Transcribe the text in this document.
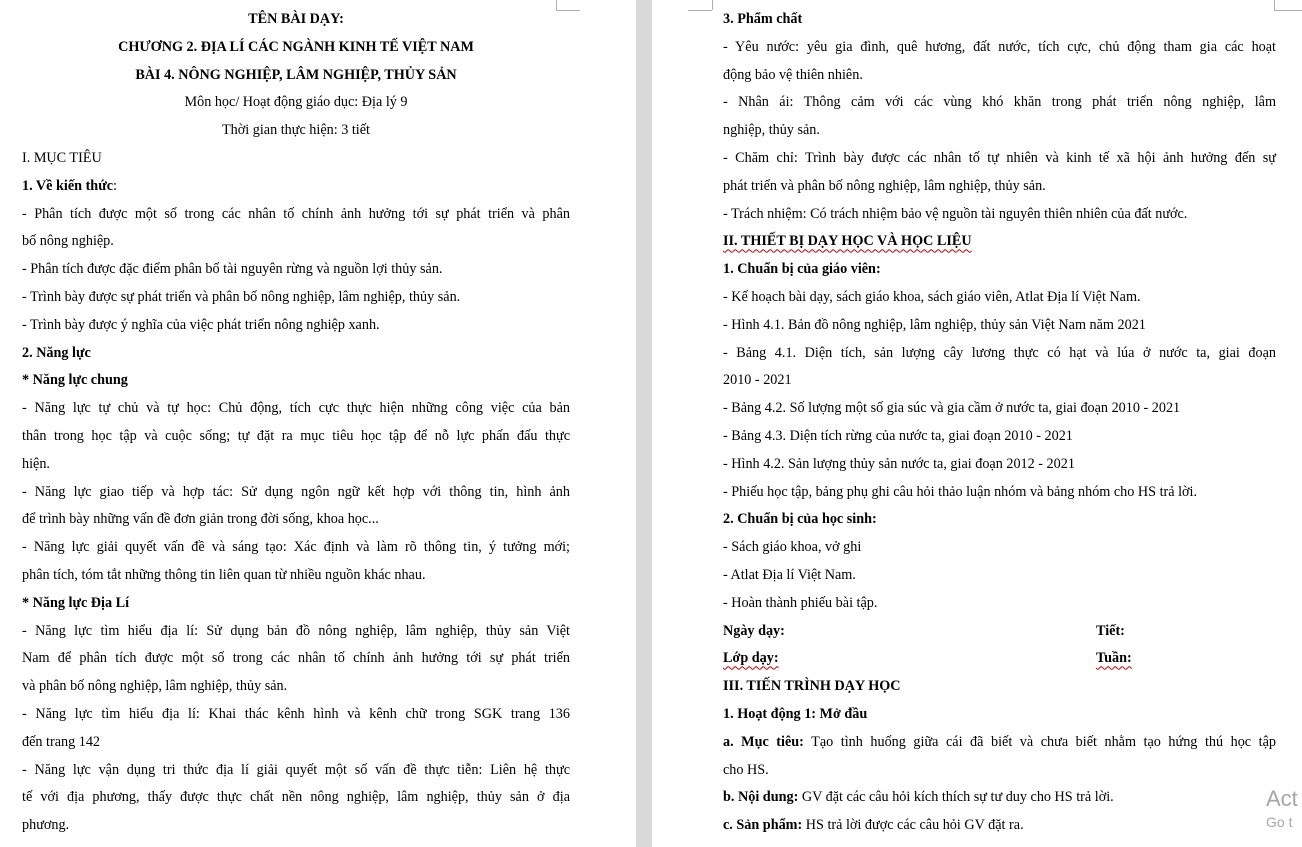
TÊN BÀI DẠY:
CHƯƠNG 2. ĐỊA LÍ CÁC NGÀNH KINH TẾ VIỆT NAM
BÀI 4. NÔNG NGHIỆP, LÂM NGHIỆP, THỦY SẢN
Môn học/ Hoạt động giáo dục: Địa lý 9
Thời gian thực hiện: 3 tiết
I. MỤC TIÊU
1. Về kiến thức:
- Phân tích được một số trong các nhân tố chính ảnh hưởng tới sự phát triển và phân
bố nông nghiệp.
- Phân tích được đặc điểm phân bố tài nguyên rừng và nguồn lợi thủy sản.
- Trình bày được sự phát triển và phân bố nông nghiệp, lâm nghiệp, thủy sản.
- Trình bày được ý nghĩa của việc phát triển nông nghiệp xanh.
2. Năng lực
* Năng lực chung
- Năng lực tự chủ và tự học: Chủ động, tích cực thực hiện những công việc của bản
thân trong học tập và cuộc sống; tự đặt ra mục tiêu học tập để nỗ lực phấn đấu thực
hiện.
- Năng lực giao tiếp và hợp tác: Sử dụng ngôn ngữ kết hợp với thông tin, hình ảnh
để trình bày những vấn đề đơn giản trong đời sống, khoa học...
- Năng lực giải quyết vấn đề và sáng tạo: Xác định và làm rõ thông tin, ý tưởng mới;
phân tích, tóm tắt những thông tin liên quan từ nhiều nguồn khác nhau.
* Năng lực Địa Lí
- Năng lực tìm hiểu địa lí: Sử dụng bản đồ nông nghiệp, lâm nghiệp, thủy sản Việt
Nam để phân tích được một số trong các nhân tố chính ảnh hưởng tới sự phát triển
và phân bố nông nghiệp, lâm nghiệp, thủy sản.
- Năng lực tìm hiểu địa lí: Khai thác kênh hình và kênh chữ trong SGK trang 136
đến trang 142
- Năng lực vận dụng tri thức địa lí giải quyết một số vấn đề thực tiễn: Liên hệ thực
tế với địa phương, thấy được thực chất nền nông nghiệp, lâm nghiệp, thủy sản ở địa
phương.
3. Phẩm chất
- Yêu nước: yêu gia đình, quê hương, đất nước, tích cực, chủ động tham gia các hoạt
động bảo vệ thiên nhiên.
- Nhân ái: Thông cảm với các vùng khó khăn trong phát triển nông nghiệp, lâm
nghiệp, thủy sản.
- Chăm chỉ: Trình bày được các nhân tố tự nhiên và kinh tế xã hội ảnh hưởng đến sự
phát triển và phân bố nông nghiệp, lâm nghiệp, thủy sản.
- Trách nhiệm: Có trách nhiệm bảo vệ nguồn tài nguyên thiên nhiên của đất nước.
II. THIẾT BỊ DẠY HỌC VÀ HỌC LIỆU
1. Chuẩn bị của giáo viên:
- Kế hoạch bài dạy, sách giáo khoa, sách giáo viên, Atlat Địa lí Việt Nam.
- Hình 4.1. Bản đồ nông nghiệp, lâm nghiệp, thủy sản Việt Nam năm 2021
- Bảng 4.1. Diện tích, sản lượng cây lương thực có hạt và lúa ở nước ta, giai đoạn
2010 - 2021
- Bảng 4.2. Số lượng một số gia súc và gia cầm ở nước ta, giai đoạn 2010 - 2021
- Bảng 4.3. Diện tích rừng của nước ta, giai đoạn 2010 - 2021
- Hình 4.2. Sản lượng thủy sản nước ta, giai đoạn 2012 - 2021
- Phiếu học tập, bảng phụ ghi câu hỏi thảo luận nhóm và bảng nhóm cho HS trả lời.
2. Chuẩn bị của học sinh:
- Sách giáo khoa, vở ghi
- Atlat Địa lí Việt Nam.
- Hoàn thành phiếu bài tập.
Ngày dạy:	Tiết:
Lớp dạy:	Tuần:
III. TIẾN TRÌNH DẠY HỌC
1. Hoạt động 1: Mở đầu
a. Mục tiêu: Tạo tình huống giữa cái đã biết và chưa biết nhằm tạo hứng thú học tập
cho HS.
b. Nội dung: GV đặt các câu hỏi kích thích sự tư duy cho HS trả lời.
c. Sản phẩm: HS trả lời được các câu hỏi GV đặt ra.
Act
Go t
